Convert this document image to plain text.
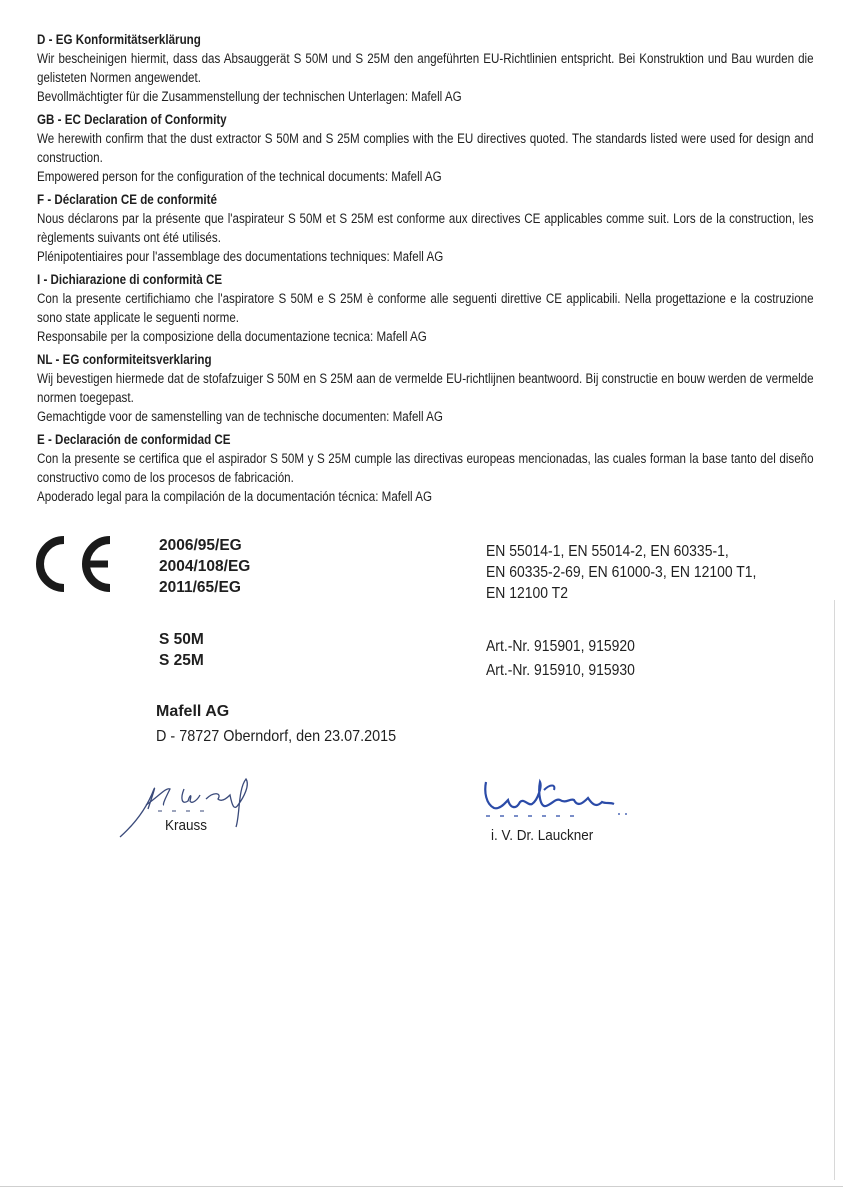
D - EG Konformitätserklärung
Wir bescheinigen hiermit, dass das Absauggerät S 50M und S 25M den angeführten EU-Richtlinien entspricht. Bei Konstruktion und Bau wurden die gelisteten Normen angewendet.
Bevollmächtigter für die Zusammenstellung der technischen Unterlagen: Mafell AG
GB - EC Declaration of Conformity
We herewith confirm that the dust extractor S 50M and S 25M complies with the EU directives quoted. The standards listed were used for design and construction.
Empowered person for the configuration of the technical documents: Mafell AG
F - Déclaration CE de conformité
Nous déclarons par la présente que l'aspirateur S 50M et S 25M est conforme aux directives CE applicables comme suit. Lors de la construction, les règlements suivants ont été utilisés.
Plénipotentiaires pour l'assemblage des documentations techniques: Mafell AG
I - Dichiarazione di conformità CE
Con la presente certifichiamo che l'aspiratore S 50M e S 25M è conforme alle seguenti direttive CE applicabili. Nella progettazione e la costruzione sono state applicate le seguenti norme.
Responsabile per la composizione della documentazione tecnica: Mafell AG
NL - EG conformiteitsverklaring
Wij bevestigen hiermede dat de stofafzuiger S 50M en S 25M aan de vermelde EU-richtlijnen beantwoord. Bij constructie en bouw werden de vermelde normen toegepast.
Gemachtigde voor de samenstelling van de technische documenten: Mafell AG
E - Declaración de conformidad CE
Con la presente se certifica que el aspirador S 50M y S 25M cumple las directivas europeas mencionadas, las cuales forman la base tanto del diseño constructivo como de los procesos de fabricación.
Apoderado legal para la compilación de la documentación técnica: Mafell AG
2006/95/EG
2004/108/EG
2011/65/EG
EN 55014-1, EN 55014-2, EN 60335-1,
EN 60335-2-69, EN 61000-3, EN 12100 T1,
EN 12100 T2
S 50M
S 25M
Art.-Nr. 915901, 915920
Art.-Nr. 915910, 915930
Mafell AG
D - 78727 Oberndorf, den 23.07.2015
Krauss
i. V. Dr. Lauckner
